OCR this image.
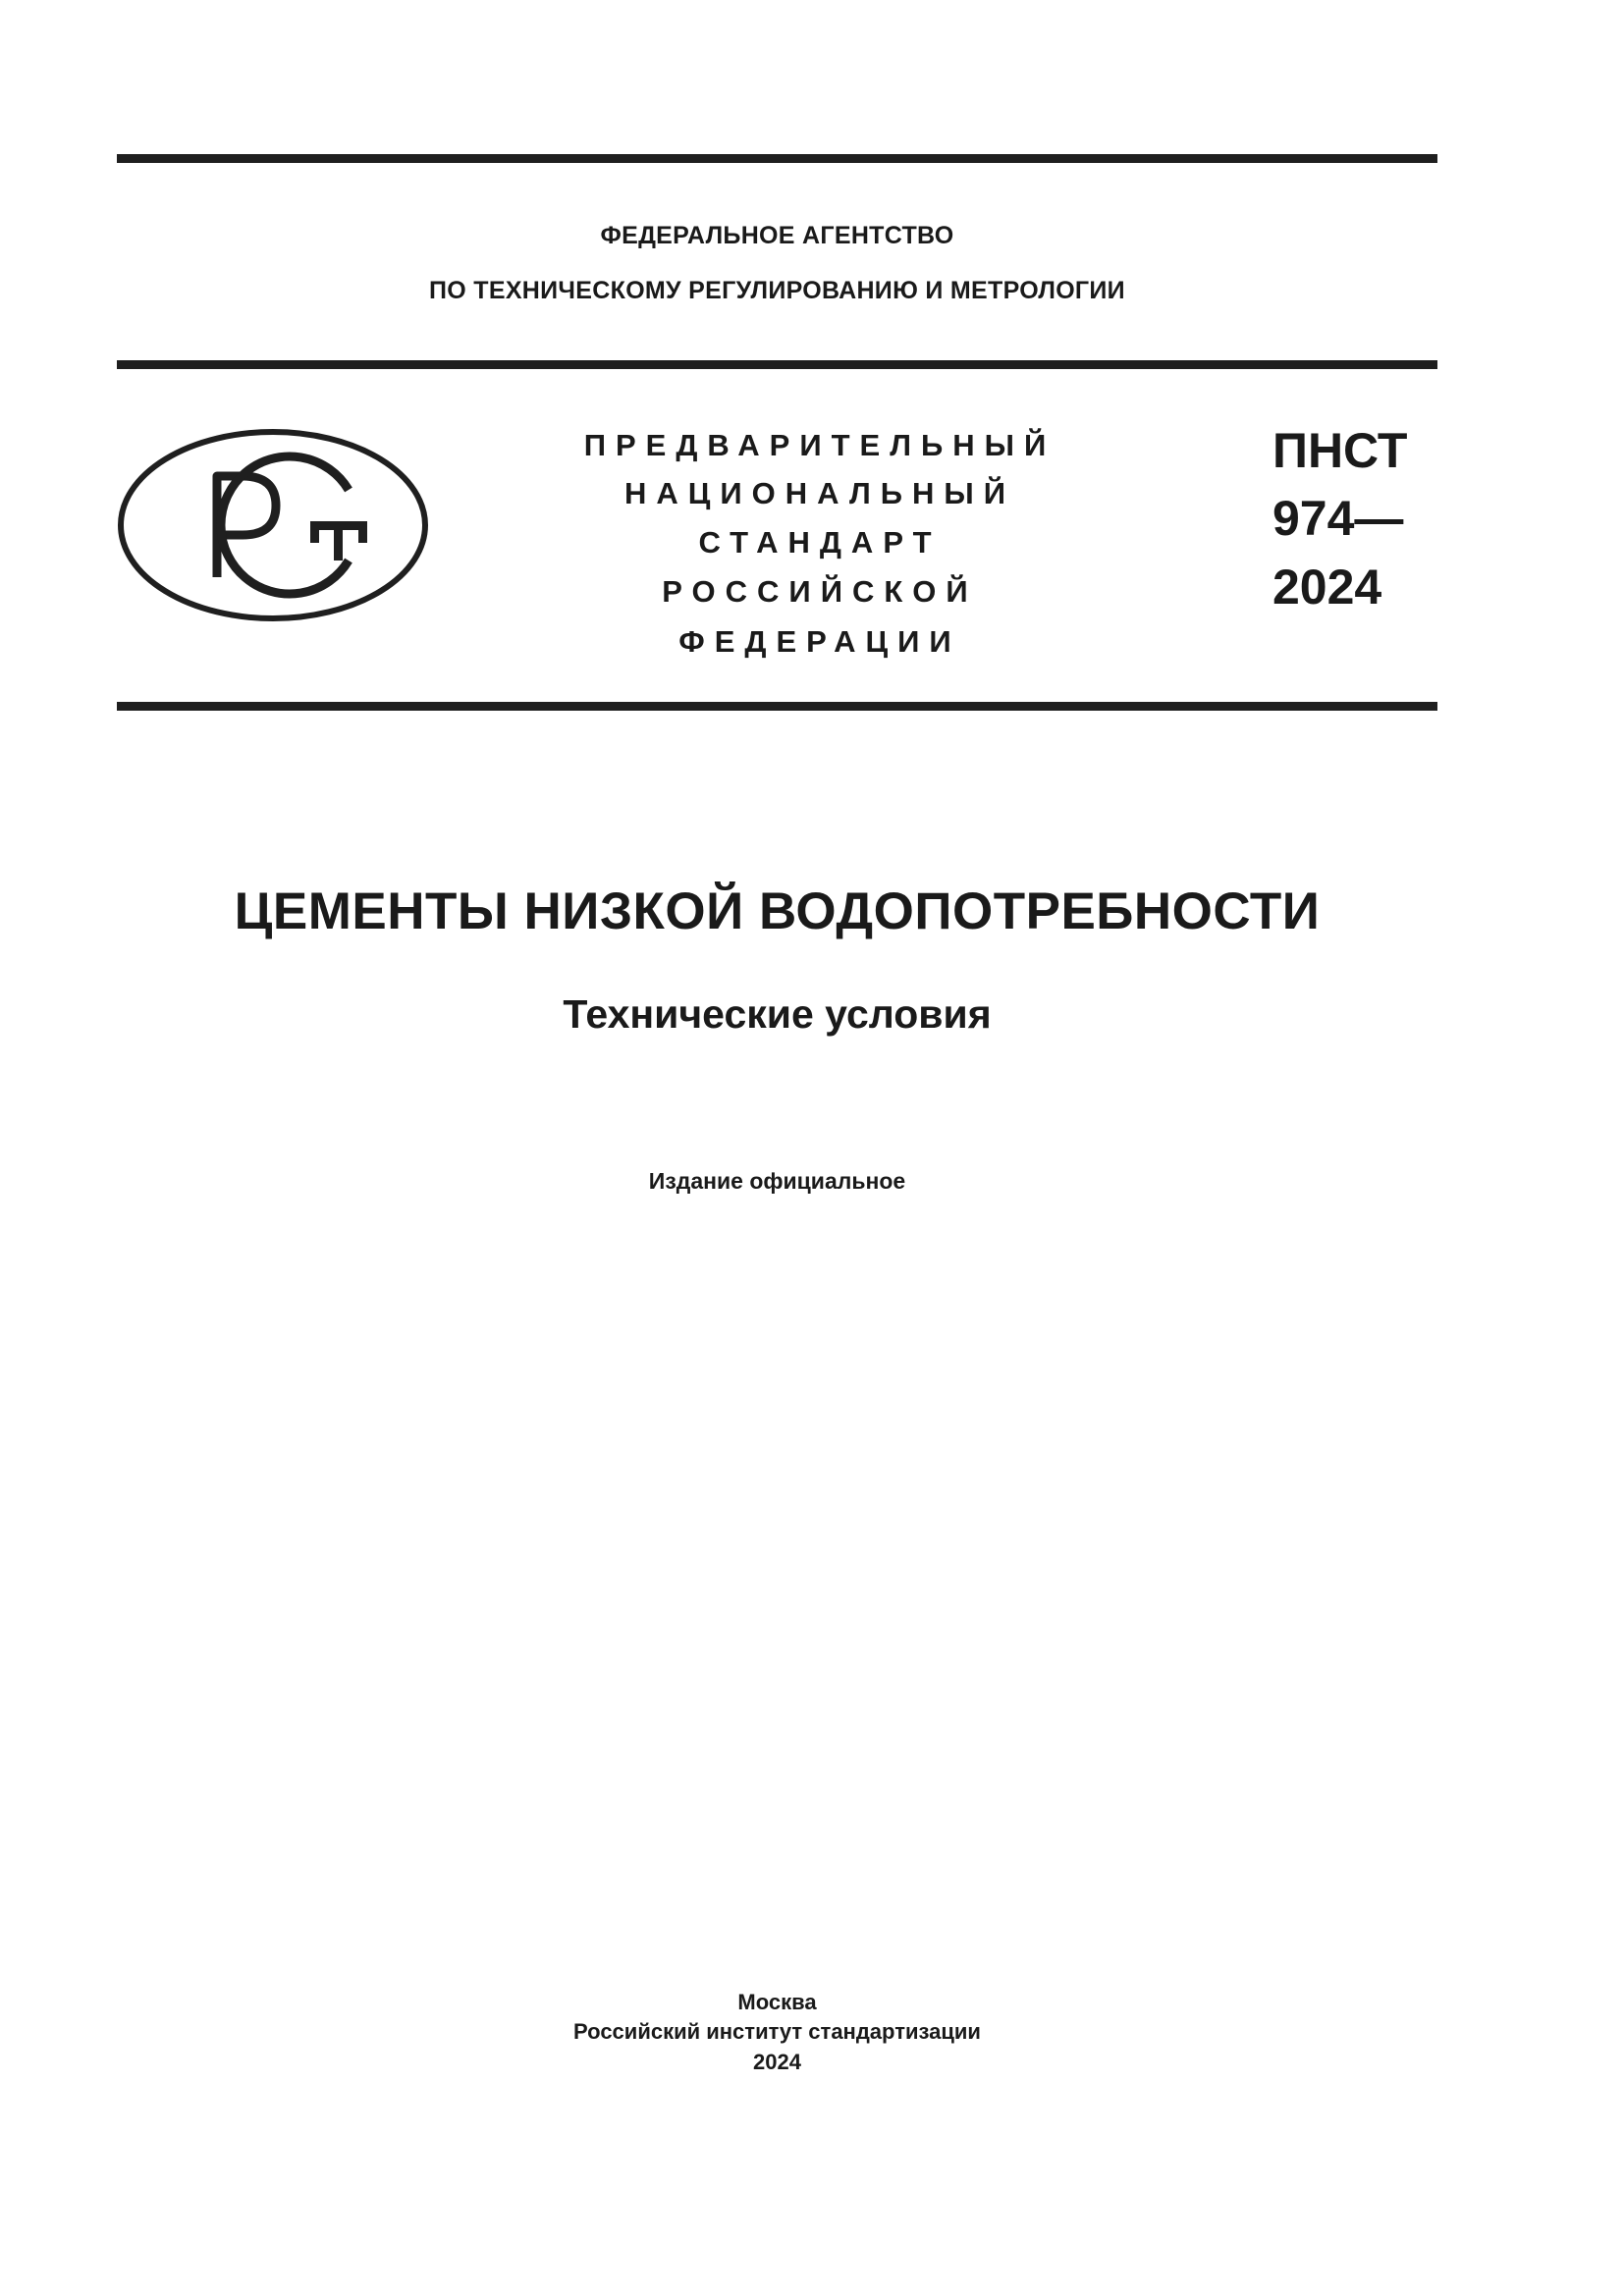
ФЕДЕРАЛЬНОЕ АГЕНТСТВО
ПО ТЕХНИЧЕСКОМУ РЕГУЛИРОВАНИЮ И МЕТРОЛОГИИ
ПРЕДВАРИТЕЛЬНЫЙ
НАЦИОНАЛЬНЫЙ
СТАНДАРТ
РОССИЙСКОЙ
ФЕДЕРАЦИИ
ПНСТ
974—
2024
ЦЕМЕНТЫ НИЗКОЙ ВОДОПОТРЕБНОСТИ
Технические условия
Издание официальное
Москва
Российский институт стандартизации
2024
